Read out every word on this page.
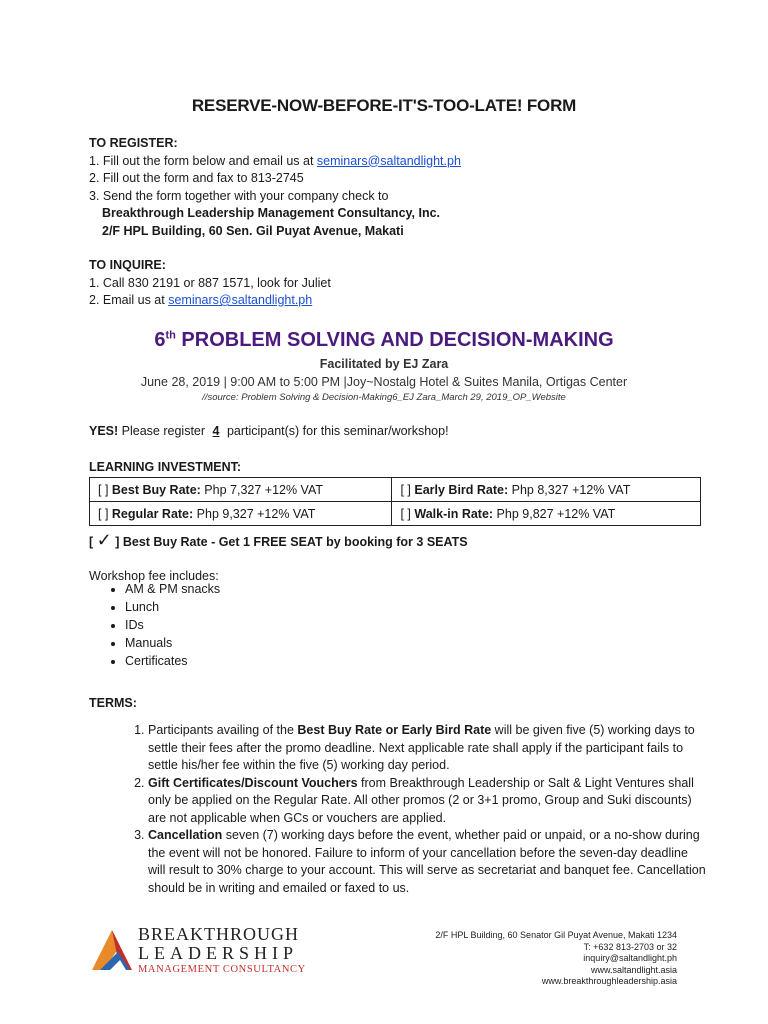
RESERVE-NOW-BEFORE-IT'S-TOO-LATE! FORM
TO REGISTER:
1. Fill out the form below and email us at seminars@saltandlight.ph
2. Fill out the form and fax to 813-2745
3. Send the form together with your company check to
Breakthrough Leadership Management Consultancy, Inc.
2/F HPL Building, 60 Sen. Gil Puyat Avenue, Makati
TO INQUIRE:
1. Call 830 2191 or 887 1571, look for Juliet
2. Email us at seminars@saltandlight.ph
6th PROBLEM SOLVING AND DECISION-MAKING
Facilitated by EJ Zara
June 28, 2019 | 9:00 AM to 5:00 PM |Joy~Nostalg Hotel & Suites Manila, Ortigas Center
//source: Problem Solving & Decision-Making6_EJ Zara_March 29, 2019_OP_Website
YES! Please register 4 participant(s) for this seminar/workshop!
LEARNING INVESTMENT:
[ ] Best Buy Rate: Php 7,327 +12% VAT	[ ] Early Bird Rate: Php 8,327 +12% VAT
[ ] Regular Rate: Php 9,327 +12% VAT	[ ] Walk-in Rate: Php 9,827 +12% VAT
[ ✓ ] Best Buy Rate - Get 1 FREE SEAT by booking for 3 SEATS
Workshop fee includes:
• AM & PM snacks
• Lunch
• IDs
• Manuals
• Certificates
TERMS:
1. Participants availing of the Best Buy Rate or Early Bird Rate will be given five (5) working days to settle their fees after the promo deadline. Next applicable rate shall apply if the participant fails to settle his/her fee within the five (5) working day period.
2. Gift Certificates/Discount Vouchers from Breakthrough Leadership or Salt & Light Ventures shall only be applied on the Regular Rate. All other promos (2 or 3+1 promo, Group and Suki discounts) are not applicable when GCs or vouchers are applied.
3. Cancellation seven (7) working days before the event, whether paid or unpaid, or a no-show during the event will not be honored. Failure to inform of your cancellation before the seven-day deadline will result to 30% charge to your account. This will serve as secretariat and banquet fee. Cancellation should be in writing and emailed or faxed to us.
BREAKTHROUGH
LEADERSHIP
MANAGEMENT CONSULTANCY
2/F HPL Building, 60 Senator Gil Puyat Avenue, Makati 1234
T: +632 813-2703 or 32
inquiry@saltandlight.ph
www.saltandlight.asia
www.breakthroughleadership.asia
